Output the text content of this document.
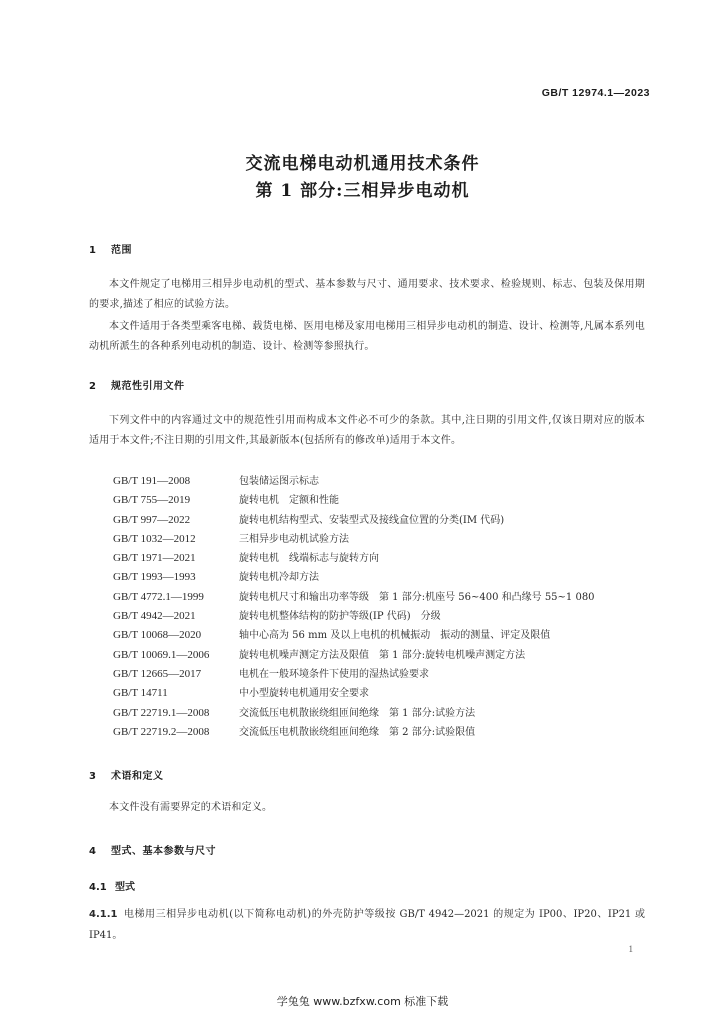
GB/T 12974.1—2023
交流电梯电动机通用技术条件
第 1 部分:三相异步电动机
1 范围
本文件规定了电梯用三相异步电动机的型式、基本参数与尺寸、通用要求、技术要求、检验规则、标志、包装及保用期的要求,描述了相应的试验方法。
本文件适用于各类型乘客电梯、载货电梯、医用电梯及家用电梯用三相异步电动机的制造、设计、检测等,凡属本系列电动机所派生的各种系列电动机的制造、设计、检测等参照执行。
2 规范性引用文件
下列文件中的内容通过文中的规范性引用而构成本文件必不可少的条款。其中,注日期的引用文件,仅该日期对应的版本适用于本文件;不注日期的引用文件,其最新版本(包括所有的修改单)适用于本文件。
GB/T 191—2008	包装储运图示标志
GB/T 755—2019	旋转电机　定额和性能
GB/T 997—2022	旋转电机结构型式、安装型式及接线盒位置的分类(IM 代码)
GB/T 1032—2012	三相异步电动机试验方法
GB/T 1971—2021	旋转电机　线端标志与旋转方向
GB/T 1993—1993	旋转电机冷却方法
GB/T 4772.1—1999	旋转电机尺寸和输出功率等级　第 1 部分:机座号 56~400 和凸缘号 55~1 080
GB/T 4942—2021	旋转电机整体结构的防护等级(IP 代码)　分级
GB/T 10068—2020	轴中心高为 56 mm 及以上电机的机械振动　振动的测量、评定及限值
GB/T 10069.1—2006	旋转电机噪声测定方法及限值　第 1 部分:旋转电机噪声测定方法
GB/T 12665—2017	电机在一般环境条件下使用的湿热试验要求
GB/T 14711	中小型旋转电机通用安全要求
GB/T 22719.1—2008	交流低压电机散嵌绕组匝间绝缘　第 1 部分:试验方法
GB/T 22719.2—2008	交流低压电机散嵌绕组匝间绝缘　第 2 部分:试验限值
3 术语和定义
本文件没有需要界定的术语和定义。
4 型式、基本参数与尺寸
4.1 型式
4.1.1 电梯用三相异步电动机(以下简称电动机)的外壳防护等级按 GB/T 4942—2021 的规定为 IP00、IP20、IP21 或 IP41。
1
学兔兔 www.bzfxw.com 标准下载
